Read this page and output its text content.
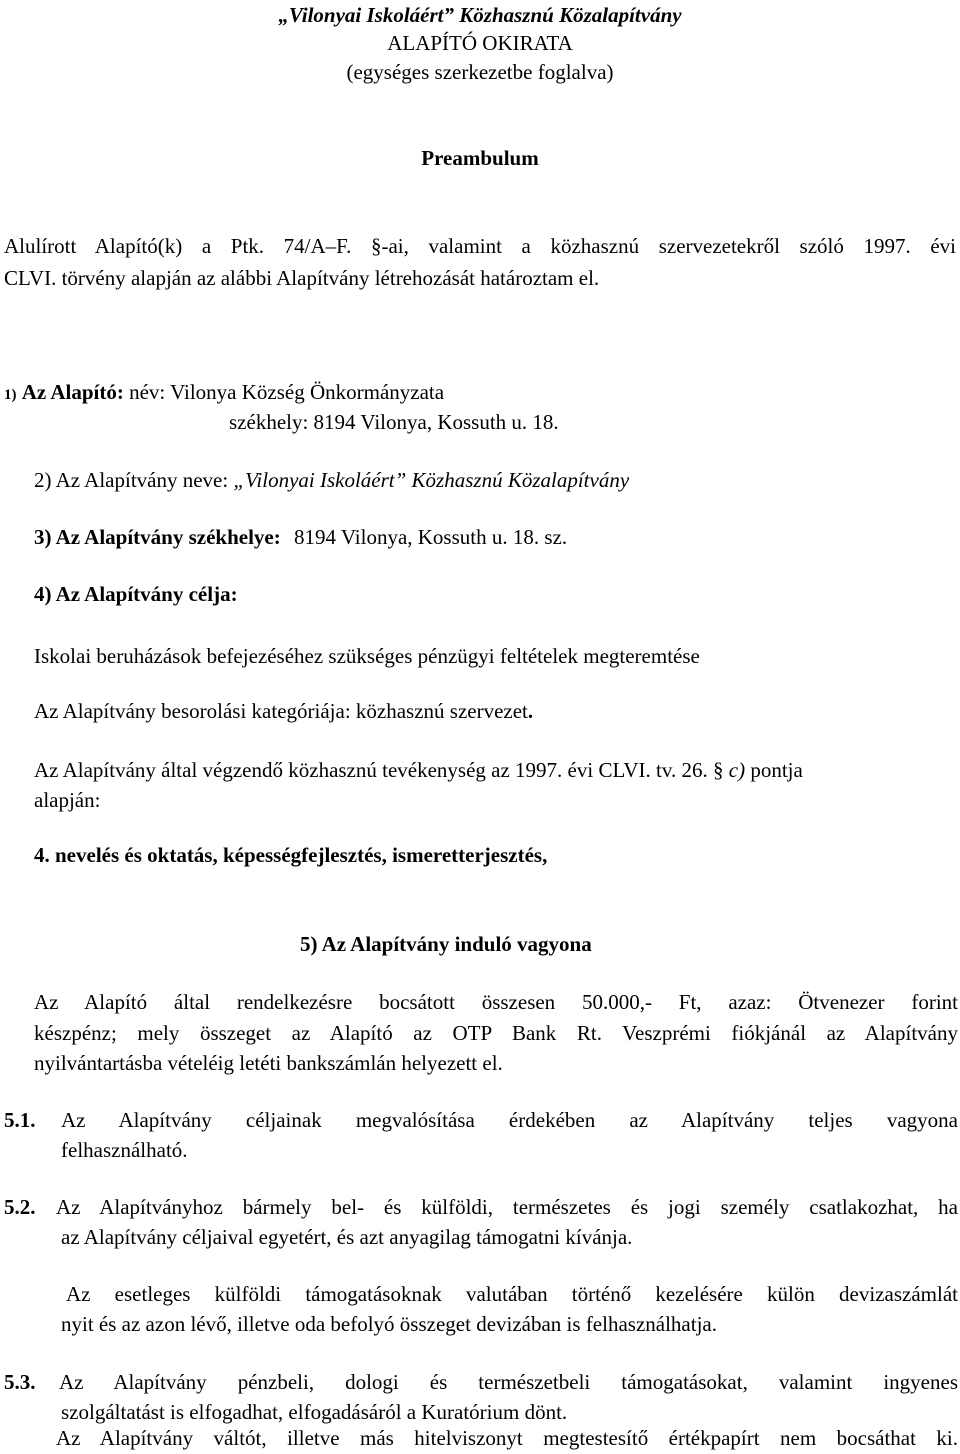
„Vilonyai Iskoláért” Közhasznú Közalapítvány
ALAPÍTÓ OKIRATA
(egységes szerkezetbe foglalva)
Preambulum
Alulírott Alapító(k) a Ptk. 74/A–F. §-ai, valamint a közhasznú szervezetekről szóló 1997. évi
CLVI. törvény alapján az alábbi Alapítvány létrehozását határoztam el.
1) Az Alapító: név: Vilonya Község Önkormányzata
székhely: 8194 Vilonya, Kossuth u. 18.
2) Az Alapítvány neve: „Vilonyai Iskoláért” Közhasznú Közalapítvány
3) Az Alapítvány székhelye: 8194 Vilonya, Kossuth u. 18. sz.
4) Az Alapítvány célja:
Iskolai beruházások befejezéséhez szükséges pénzügyi feltételek megteremtése
Az Alapítvány besorolási kategóriája: közhasznú szervezet.
Az Alapítvány által végzendő közhasznú tevékenység az 1997. évi CLVI. tv. 26. § c) pontja
alapján:
4. nevelés és oktatás, képességfejlesztés, ismeretterjesztés,
5) Az Alapítvány induló vagyona
Az Alapító által rendelkezésre bocsátott összesen 50.000,- Ft, azaz: Ötvenezer forint
készpénz; mely összeget az Alapító az OTP Bank Rt. Veszprémi fiókjánál az Alapítvány
nyilvántartásba vételéig letéti bankszámlán helyezett el.
5.1. Az Alapítvány céljainak megvalósítása érdekében az Alapítvány teljes vagyona
felhasználható.
5.2. Az Alapítványhoz bármely bel- és külföldi, természetes és jogi személy csatlakozhat, ha
az Alapítvány céljaival egyetért, és azt anyagilag támogatni kívánja.
Az esetleges külföldi támogatásoknak valutában történő kezelésére külön devizaszámlát
nyit és az azon lévő, illetve oda befolyó összeget devizában is felhasználhatja.
5.3. Az Alapítvány pénzbeli, dologi és természetbeli támogatásokat, valamint ingyenes
szolgáltatást is elfogadhat, elfogadásáról a Kuratórium dönt.
Az Alapítvány váltót, illetve más hitelviszonyt megtestesítő értékpapírt nem bocsáthat ki.
